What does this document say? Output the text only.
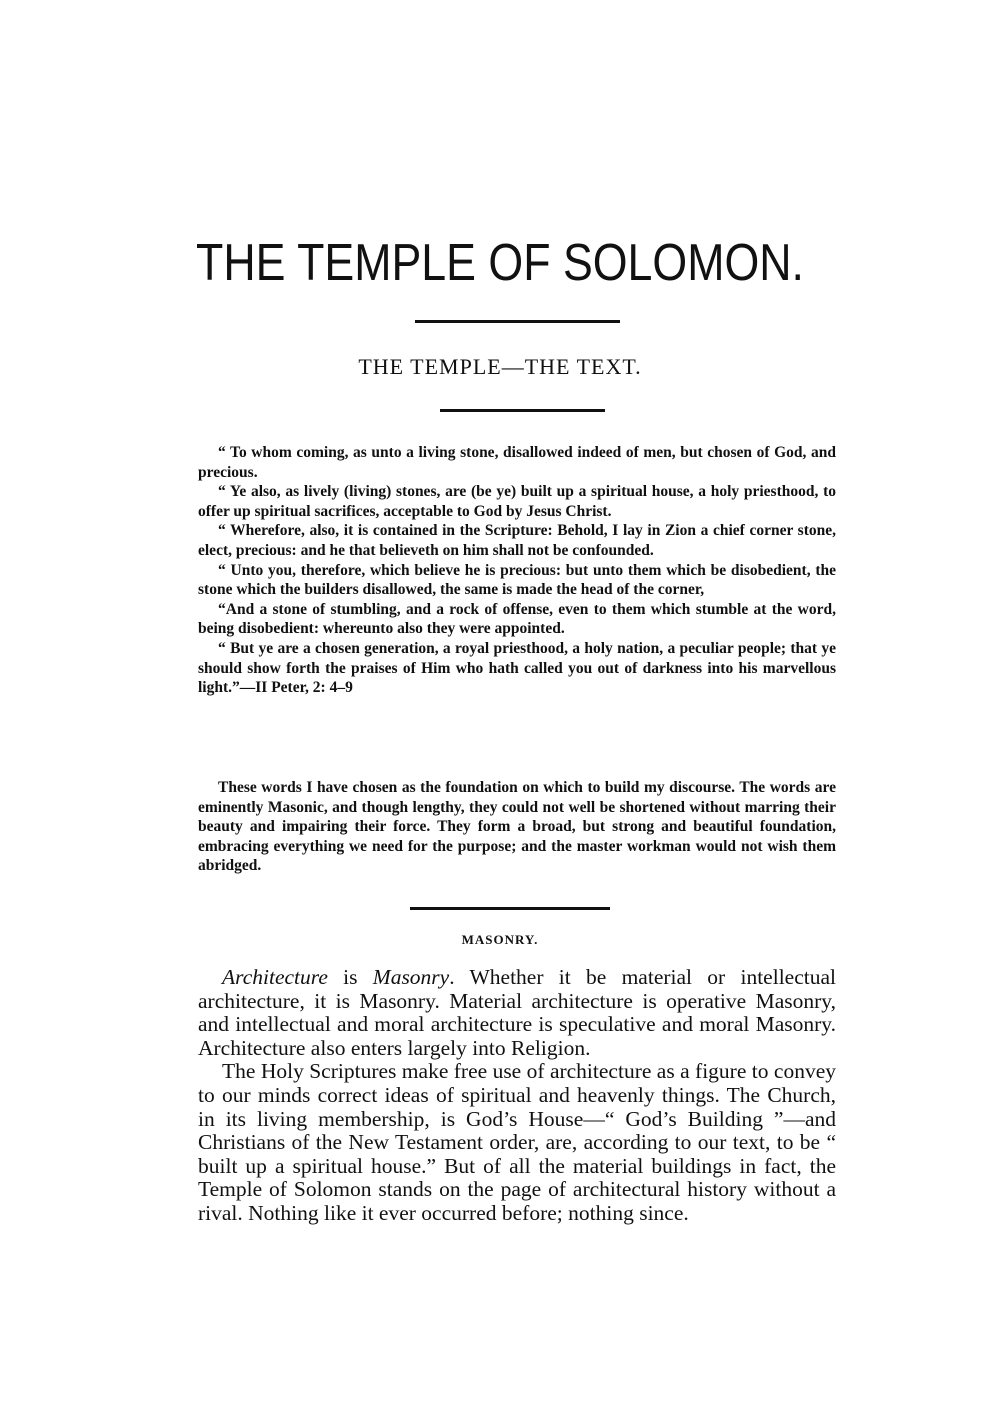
THE TEMPLE OF SOLOMON.
THE TEMPLE—THE TEXT.

“ To whom coming, as unto a living stone, disallowed indeed of men, but chosen of God, and precious.

“ Ye also, as lively (living) stones, are (be ye) built up a spiritual house, a holy priesthood, to offer up spiritual sacrifices, acceptable to God by Jesus Christ.

“ Wherefore, also, it is contained in the Scripture: Behold, I lay in Zion a chief corner stone, elect, precious: and he that believeth on him shall not be confounded.

“ Unto you, therefore, which believe he is precious: but unto them which be disobedient, the stone which the builders disallowed, the same is made the head of the corner,

“And a stone of stumbling, and a rock of offense, even to them which stumble at the word, being disobedient: whereunto also they were appointed.

“ But ye are a chosen generation, a royal priesthood, a holy nation, a peculiar people; that ye should show forth the praises of Him who hath called you out of darkness into his marvellous light.”—II Peter, 2: 4–9

These words I have chosen as the foundation on which to build my discourse. The words are eminently Masonic, and though lengthy, they could not well be shortened without marring their beauty and impairing their force. They form a broad, but strong and beautiful foundation, embracing everything we need for the purpose; and the master workman would not wish them abridged.

MASONRY.

Architecture is Masonry. Whether it be material or intellectual architecture, it is Masonry. Material architecture is operative Masonry, and intellectual and moral architecture is speculative and moral Masonry. Architecture also enters largely into Religion.

The Holy Scriptures make free use of architecture as a figure to convey to our minds correct ideas of spiritual and heavenly things. The Church, in its living membership, is God’s House—“ God’s Building ”—and Christians of the New Testament order, are, according to our text, to be “ built up a spiritual house.” But of all the material buildings in fact, the Temple of Solomon stands on the page of architectural history without a rival. Nothing like it ever occurred before; nothing since.
